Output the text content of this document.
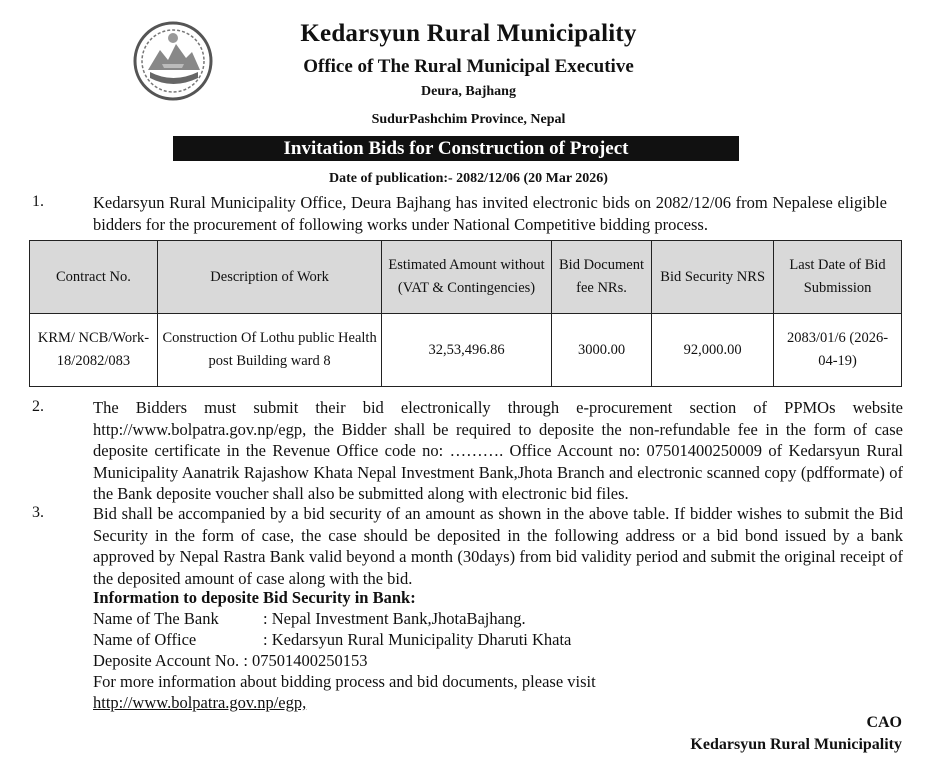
Kedarsyun Rural Municipality
Office of The Rural Municipal Executive
Deura, Bajhang
SudurPashchim Province, Nepal
Invitation Bids for Construction of Project
Date of publication:- 2082/12/06 (20 Mar 2026)
1.	Kedarsyun Rural Municipality Office, Deura Bajhang has invited electronic bids on 2082/12/06 from Nepalese eligible bidders for the procurement of following works under National Competitive bidding process.
Contract No.	Description of Work	Estimated Amount without (VAT & Contingencies)	Bid Document fee NRs.	Bid Security NRS	Last Date of Bid Submission
KRM/ NCB/Work-18/2082/083	Construction Of Lothu public Health post Building ward 8	32,53,496.86	3000.00	92,000.00	2083/01/6 (2026-04-19)
2.	The Bidders must submit their bid electronically through e-procurement section of PPMOs website http://www.bolpatra.gov.np/egp, the Bidder shall be required to deposite the non-refundable fee in the form of case deposite certificate in the Revenue Office code no: ………. Office Account no: 07501400250009 of Kedarsyun Rural Municipality Aanatrik Rajashow Khata Nepal Investment Bank,Jhota Branch and electronic scanned copy (pdfformate) of the Bank deposite voucher shall also be submitted along with electronic bid files.
3.	Bid shall be accompanied by a bid security of an amount as shown in the above table. If bidder wishes to submit the Bid Security in the form of case, the case should be deposited in the following address or a bid bond issued by a bank approved by Nepal Rastra Bank valid beyond a month (30days) from bid validity period and submit the original receipt of the deposited amount of case along with the bid.
Information to deposite Bid Security in Bank:
Name of The Bank	: Nepal Investment Bank,JhotaBajhang.
Name of Office	: Kedarsyun Rural Municipality Dharuti Khata
Deposite Account No. : 07501400250153
For more information about bidding process and bid documents, please visit
http://www.bolpatra.gov.np/egp,
CAO
Kedarsyun Rural Municipality
